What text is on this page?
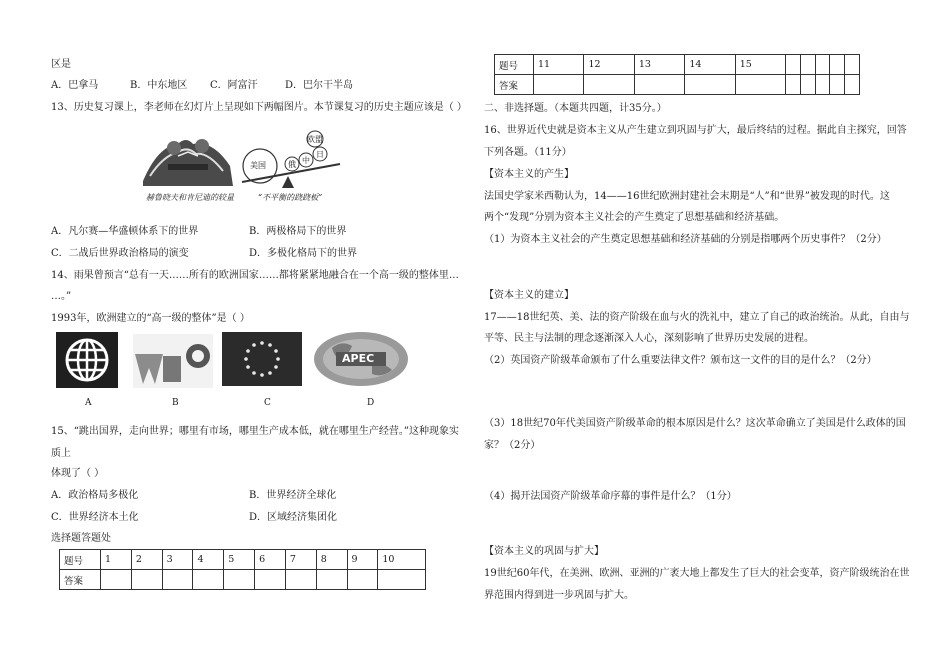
区是
A．巴拿马	B．中东地区 C．阿富汗	D．巴尔干半岛
13、历史复习课上，李老师在幻灯片上呈现如下两幅图片。本节课复习的历史主题应该是（ ）
赫鲁晓夫和肯尼迪的较量
美国	俄 中
日
欧盟
“不平衡的跷跷板”
A．凡尔赛—华盛顿体系下的世界	B．两极格局下的世界
C．二战后世界政治格局的演变	D．多极化格局下的世界
14、雨果曾预言“总有一天……所有的欧洲国家……都将紧紧地融合在一个高一级的整体里…
…。”
1993年，欧洲建立的“高一级的整体”是（ ）
APEC
A	B	C	D
15、“跳出国界，走向世界；哪里有市场，哪里生产成本低，就在哪里生产经营。”这种现象实
质上
体现了（ ）
A．政治格局多极化	B．世界经济全球化
C．世界经济本土化	D．区域经济集团化
选择题答题处
题号	1	2	3	4	5	6	7	8	9	10
答案										
题号	11	12	13	14	15					
答案										
二、非选择题。（本题共四题，计35分。）
16、世界近代史就是资本主义从产生建立到巩固与扩大，最后终结的过程。据此自主探究，回答
下列各题。（11分）
【资本主义的产生】
法国史学家米西勒认为，14——16世纪欧洲封建社会末期是“人”和“世界”被发现的时代。这
两个“发现”分别为资本主义社会的产生奠定了思想基础和经济基础。
（1）为资本主义社会的产生奠定思想基础和经济基础的分别是指哪两个历史事件？（2分）
【资本主义的建立】
17——18世纪英、美、法的资产阶级在血与火的洗礼中，建立了自己的政治统治。从此，自由与
平等、民主与法制的理念逐渐深入人心，深刻影响了世界历史发展的进程。
（2）英国资产阶级革命颁布了什么重要法律文件？颁布这一文件的目的是什么？（2分）
（3）18世纪70年代美国资产阶级革命的根本原因是什么？这次革命确立了美国是什么政体的国
家？（2分）
（4）揭开法国资产阶级革命序幕的事件是什么？（1分）
【资本主义的巩固与扩大】
19世纪60年代，在美洲、欧洲、亚洲的广袤大地上都发生了巨大的社会变革，资产阶级统治在世
界范围内得到进一步巩固与扩大。
